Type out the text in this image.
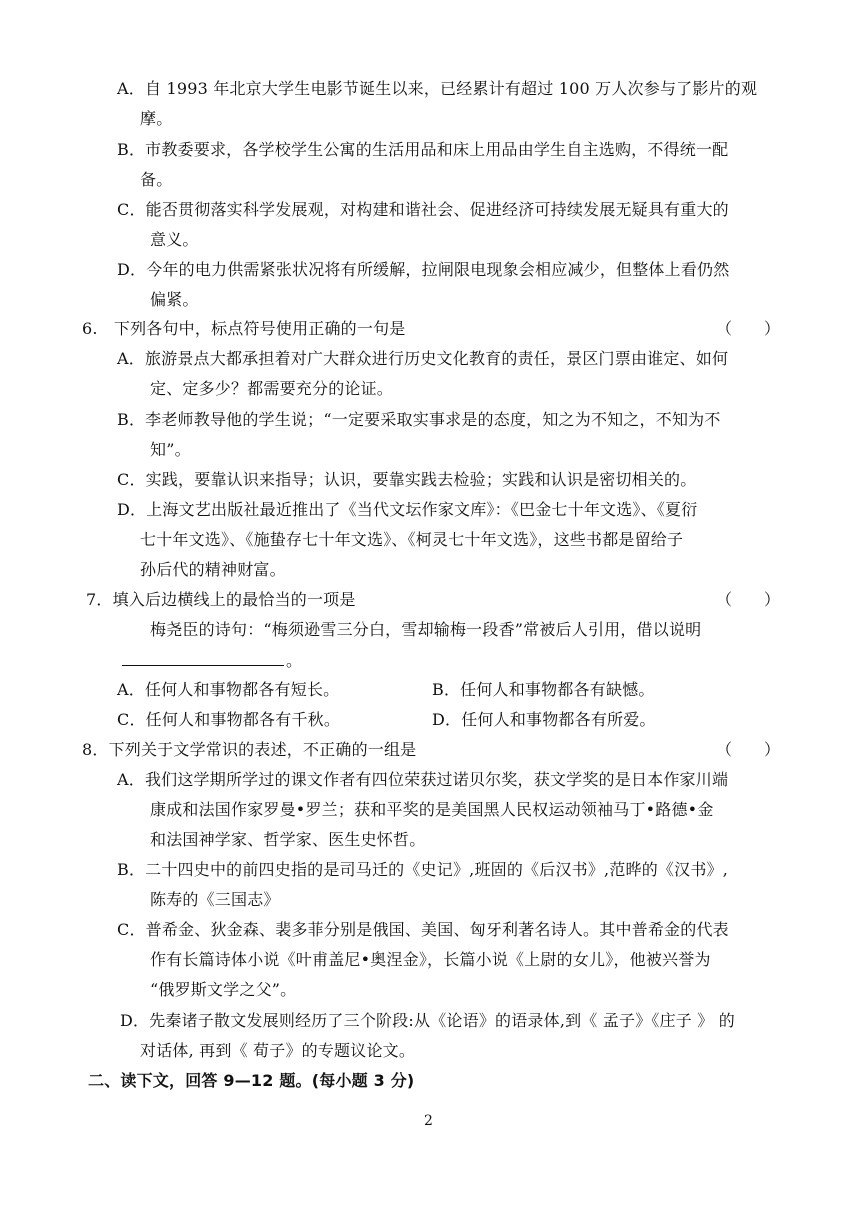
A．自 1993 年北京大学生电影节诞生以来，已经累计有超过 100 万人次参与了影片的观
摩。
B．市教委要求，各学校学生公寓的生活用品和床上用品由学生自主选购，不得统一配
备。
C．能否贯彻落实科学发展观，对构建和谐社会、促进经济可持续发展无疑具有重大的
意义。
D．今年的电力供需紧张状况将有所缓解，拉闸限电现象会相应减少，但整体上看仍然
偏紧。
6.　下列各句中，标点符号使用正确的一句是	（　　）
A．旅游景点大都承担着对广大群众进行历史文化教育的责任，景区门票由谁定、如何
定、定多少？都需要充分的论证。
B．李老师教导他的学生说；“一定要采取实事求是的态度，知之为不知之，不知为不
知”。
C．实践，要靠认识来指导；认识，要靠实践去检验；实践和认识是密切相关的。
D．上海文艺出版社最近推出了《当代文坛作家文库》：《巴金七十年文选》、《夏衍
七十年文选》、《施蛰存七十年文选》、《柯灵七十年文选》，这些书都是留给子
孙后代的精神财富。
7．填入后边横线上的最恰当的一项是	（　　）
梅尧臣的诗句：“梅须逊雪三分白，雪却输梅一段香”常被后人引用，借以说明
。
A．任何人和事物都各有短长。	B．任何人和事物都各有缺憾。
C．任何人和事物都各有千秋。	D．任何人和事物都各有所爱。
8．下列关于文学常识的表述，不正确的一组是	（　　）
A．我们这学期所学过的课文作者有四位荣获过诺贝尔奖，获文学奖的是日本作家川端
康成和法国作家罗曼•罗兰；获和平奖的是美国黑人民权运动领袖马丁•路德•金
和法国神学家、哲学家、医生史怀哲。
B．二十四史中的前四史指的是司马迁的《史记》,班固的《后汉书》,范晔的《汉书》,
陈寿的《三国志》
C．普希金、狄金森、裴多菲分别是俄国、美国、匈牙利著名诗人。其中普希金的代表
作有长篇诗体小说《叶甫盖尼•奥涅金》，长篇小说《上尉的女儿》，他被兴誉为
“俄罗斯文学之父”。
D．先秦诸子散文发展则经历了三个阶段:从《论语》的语录体,到《 孟子》《庄子 》 的
对话体, 再到《 荀子》的专题议论文。
二、读下文，回答 9—12 题。(每小题 3 分)
2
